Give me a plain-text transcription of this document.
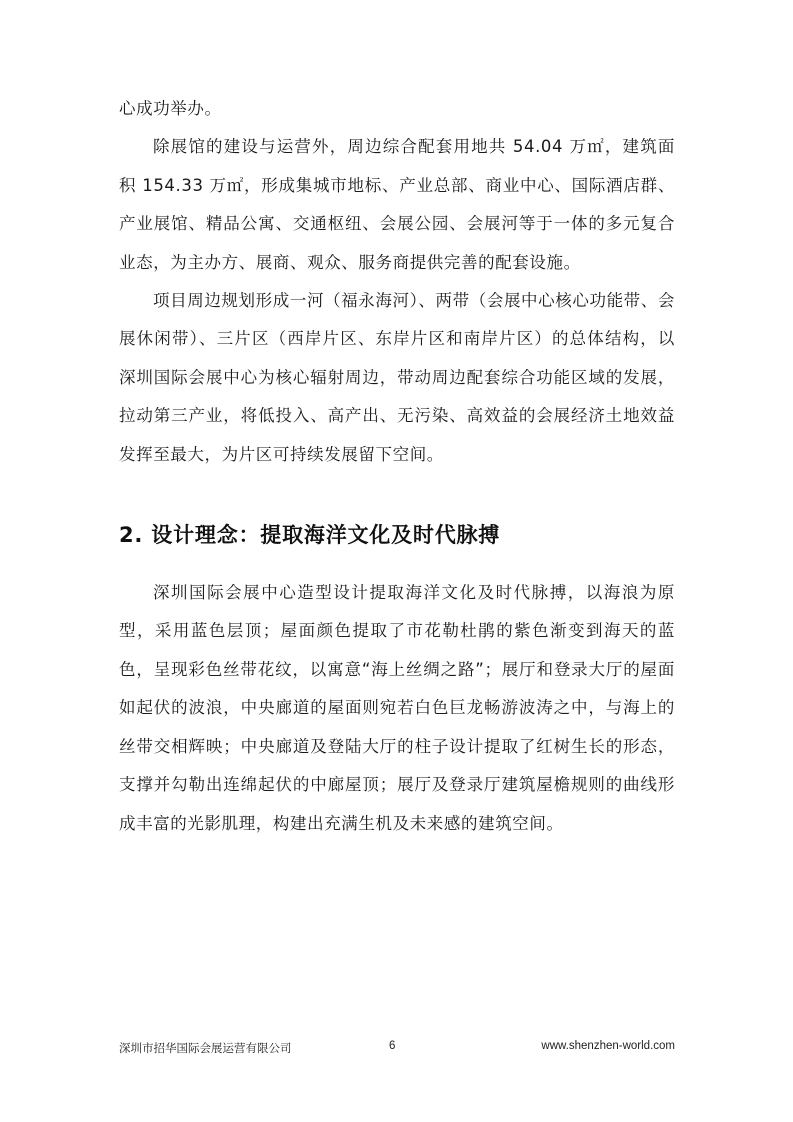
心成功举办。

除展馆的建设与运营外，周边综合配套用地共 54.04 万㎡，建筑面积 154.33 万㎡，形成集城市地标、产业总部、商业中心、国际酒店群、产业展馆、精品公寓、交通枢纽、会展公园、会展河等于一体的多元复合业态，为主办方、展商、观众、服务商提供完善的配套设施。

项目周边规划形成一河（福永海河）、两带（会展中心核心功能带、会展休闲带）、三片区（西岸片区、东岸片区和南岸片区）的总体结构，以深圳国际会展中心为核心辐射周边，带动周边配套综合功能区域的发展，拉动第三产业，将低投入、高产出、无污染、高效益的会展经济土地效益发挥至最大，为片区可持续发展留下空间。

2. 设计理念：提取海洋文化及时代脉搏

深圳国际会展中心造型设计提取海洋文化及时代脉搏，以海浪为原型，采用蓝色层顶；屋面颜色提取了市花勒杜鹃的紫色渐变到海天的蓝色，呈现彩色丝带花纹，以寓意“海上丝绸之路”；展厅和登录大厅的屋面如起伏的波浪，中央廊道的屋面则宛若白色巨龙畅游波涛之中，与海上的丝带交相辉映；中央廊道及登陆大厅的柱子设计提取了红树生长的形态，支撑并勾勒出连绵起伏的中廊屋顶；展厅及登录厅建筑屋檐规则的曲线形成丰富的光影肌理，构建出充满生机及未来感的建筑空间。

深圳市招华国际会展运营有限公司	6	www.shenzhen-world.com
